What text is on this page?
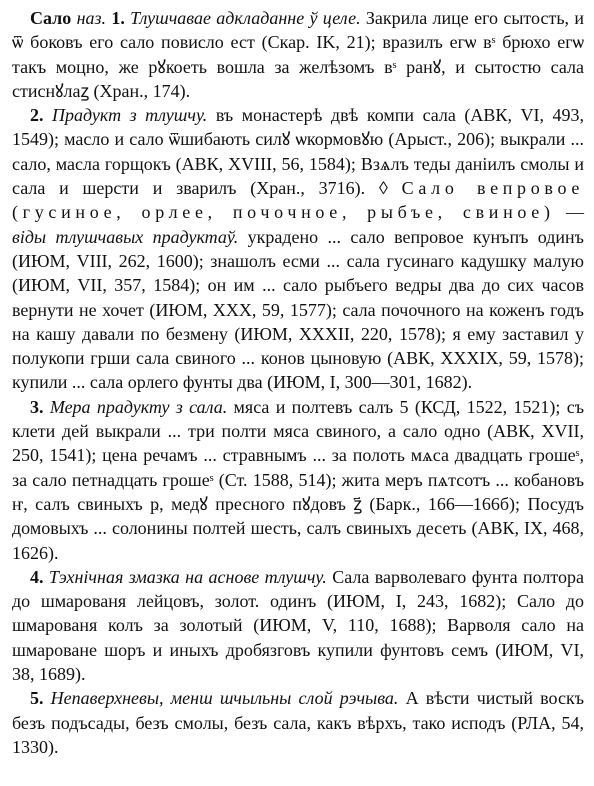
Сало наз. 1. Тлушчавае адкладанне ў целе. Закрила лице его сытость, и ѿ боковъ его сало повисло ест (Скар. IK, 21); вразилъ егѡ вˢ брюхо егѡ такъ моцно, же рꙋкоеть вошла за желѣзомъ вˢ ранꙋ, и сытостю сала стиснꙋлаꙁ (Хран., 174).

2. Прадукт з тлушчу. въ монастерѣ двѣ компи сала (АВК, VI, 493, 1549); масло и сало ѿшибають силꙋ ѡкормовꙋю (Арыст., 206); выкрали ... сало, масла горщокъ (АВК, XVIII, 56, 1584); Взѧлъ теды данiилъ смолы и сала и шерсти и зварилъ (Хран., 3716). ◊ Сало вепровое (гусиное, орлее, почочное, рыбъе, свиное) — віды тлушчавых прадуктаў. украдено ... сало вепровое кунъпъ одинъ (ИЮМ, VIII, 262, 1600); знашолъ есми ... сала гусинаго кадушку малую (ИЮМ, VII, 357, 1584); он им ... сало рыбъего ведры два до сих часов вернути не хочет (ИЮМ, XXX, 59, 1577); сала почочного на коженъ годъ на кашу давали по безмену (ИЮМ, XXXII, 220, 1578); я ему заставил у полукопи грши сала свиного ... конов цыновую (АВК, XXXIX, 59, 1578); купили ... сала орлего фунты два (ИЮМ, I, 300—301, 1682).

3. Мера прадукту з сала. мяса и полтевъ салъ 5 (КСД, 1522, 1521); съ клети дей выкрали ... три полти мяса свиного, а сало одно (АВК, XVII, 250, 1541); цена речамъ ... стравнымъ ... за полоть мѧса двадцать грошеˢ, за сало петнадцать грошеˢ (Ст. 1588, 514); жита меръ пѧтсотъ ... кобановъ ҥ, салъ свиныхъ ҏ, медꙋ пресного пꙋдовъ ꙁ҃ (Барк., 166—166б); Посудъ домовыхъ ... солонины полтей шесть, салъ свиныхъ десеть (АВК, IX, 468, 1626).

4. Тэхнічная змазка на аснове тлушчу. Сала варволеваго фунта полтора до шмарованя лейцовъ, золот. одинъ (ИЮМ, I, 243, 1682); Сало до шмарованя колъ за золотый (ИЮМ, V, 110, 1688); Варволя сало на шмароване шоръ и иныхъ дробязговъ купили фунтовъ семъ (ИЮМ, VI, 38, 1689).

5. Непаверхневы, менш шчыльны слой рэчыва. А вѣсти чистый воскъ безъ подъсады, безъ смолы, безъ сала, какъ вѣрхъ, тако исподъ (РЛА, 54, 1330).
